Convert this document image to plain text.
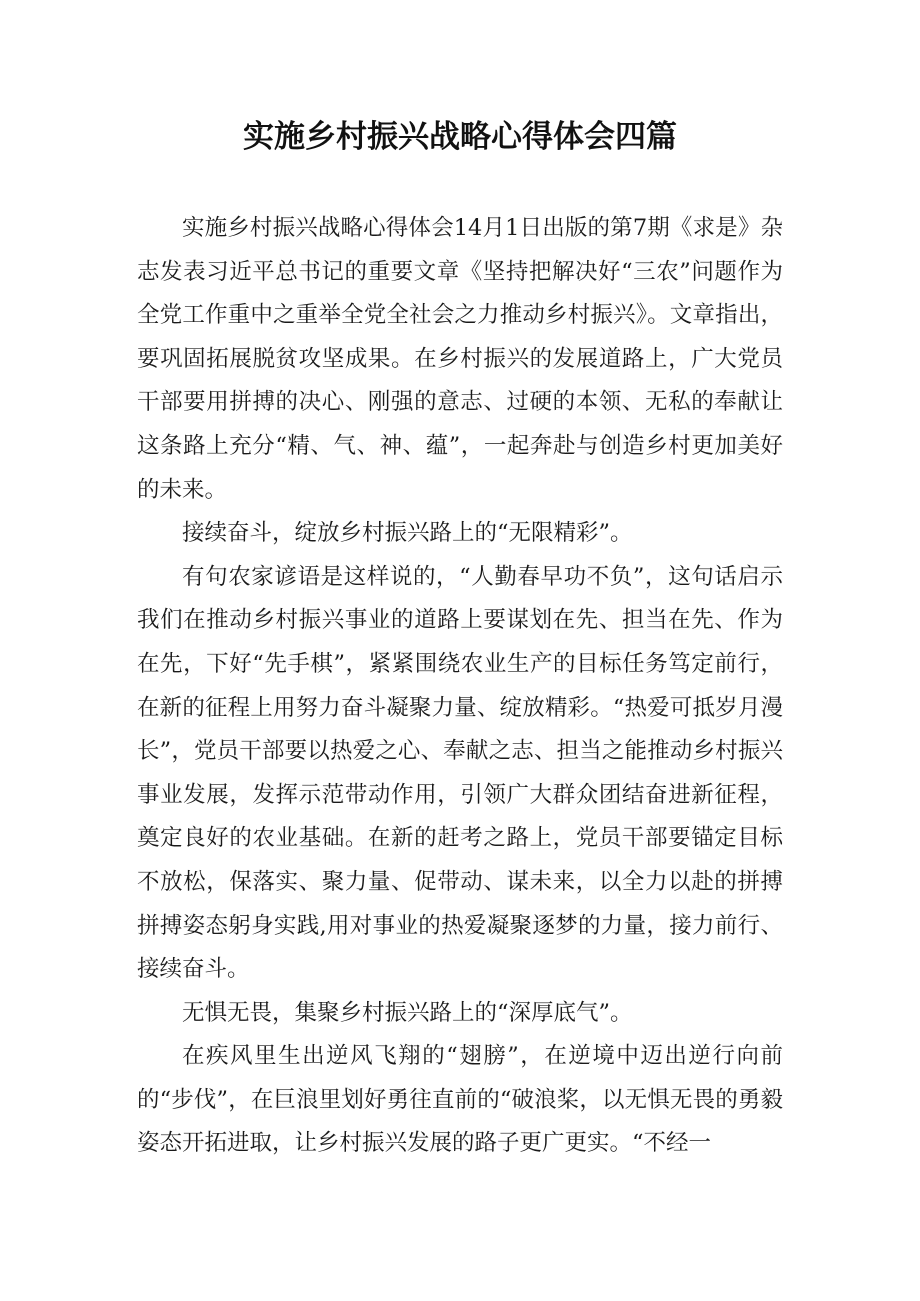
实施乡村振兴战略心得体会四篇

实施乡村振兴战略心得体会14月1日出版的第7期《求是》杂志发表习近平总书记的重要文章《坚持把解决好“三农”问题作为全党工作重中之重举全党全社会之力推动乡村振兴》。文章指出，要巩固拓展脱贫攻坚成果。在乡村振兴的发展道路上，广大党员干部要用拼搏的决心、刚强的意志、过硬的本领、无私的奉献让这条路上充分“精、气、神、蕴”，一起奔赴与创造乡村更加美好的未来。

接续奋斗，绽放乡村振兴路上的“无限精彩”。

有句农家谚语是这样说的，“人勤春早功不负”，这句话启示我们在推动乡村振兴事业的道路上要谋划在先、担当在先、作为在先，下好“先手棋”，紧紧围绕农业生产的目标任务笃定前行，在新的征程上用努力奋斗凝聚力量、绽放精彩。“热爱可抵岁月漫长”，党员干部要以热爱之心、奉献之志、担当之能推动乡村振兴事业发展，发挥示范带动作用，引领广大群众团结奋进新征程，奠定良好的农业基础。在新的赶考之路上，党员干部要锚定目标不放松，保落实、聚力量、促带动、谋未来，以全力以赴的拼搏拼搏姿态躬身实践,用对事业的热爱凝聚逐梦的力量，接力前行、接续奋斗。

无惧无畏，集聚乡村振兴路上的“深厚底气”。

在疾风里生出逆风飞翔的“翅膀”，在逆境中迈出逆行向前的“步伐”，在巨浪里划好勇往直前的“破浪桨，以无惧无畏的勇毅姿态开拓进取，让乡村振兴发展的路子更广更实。“不经一
